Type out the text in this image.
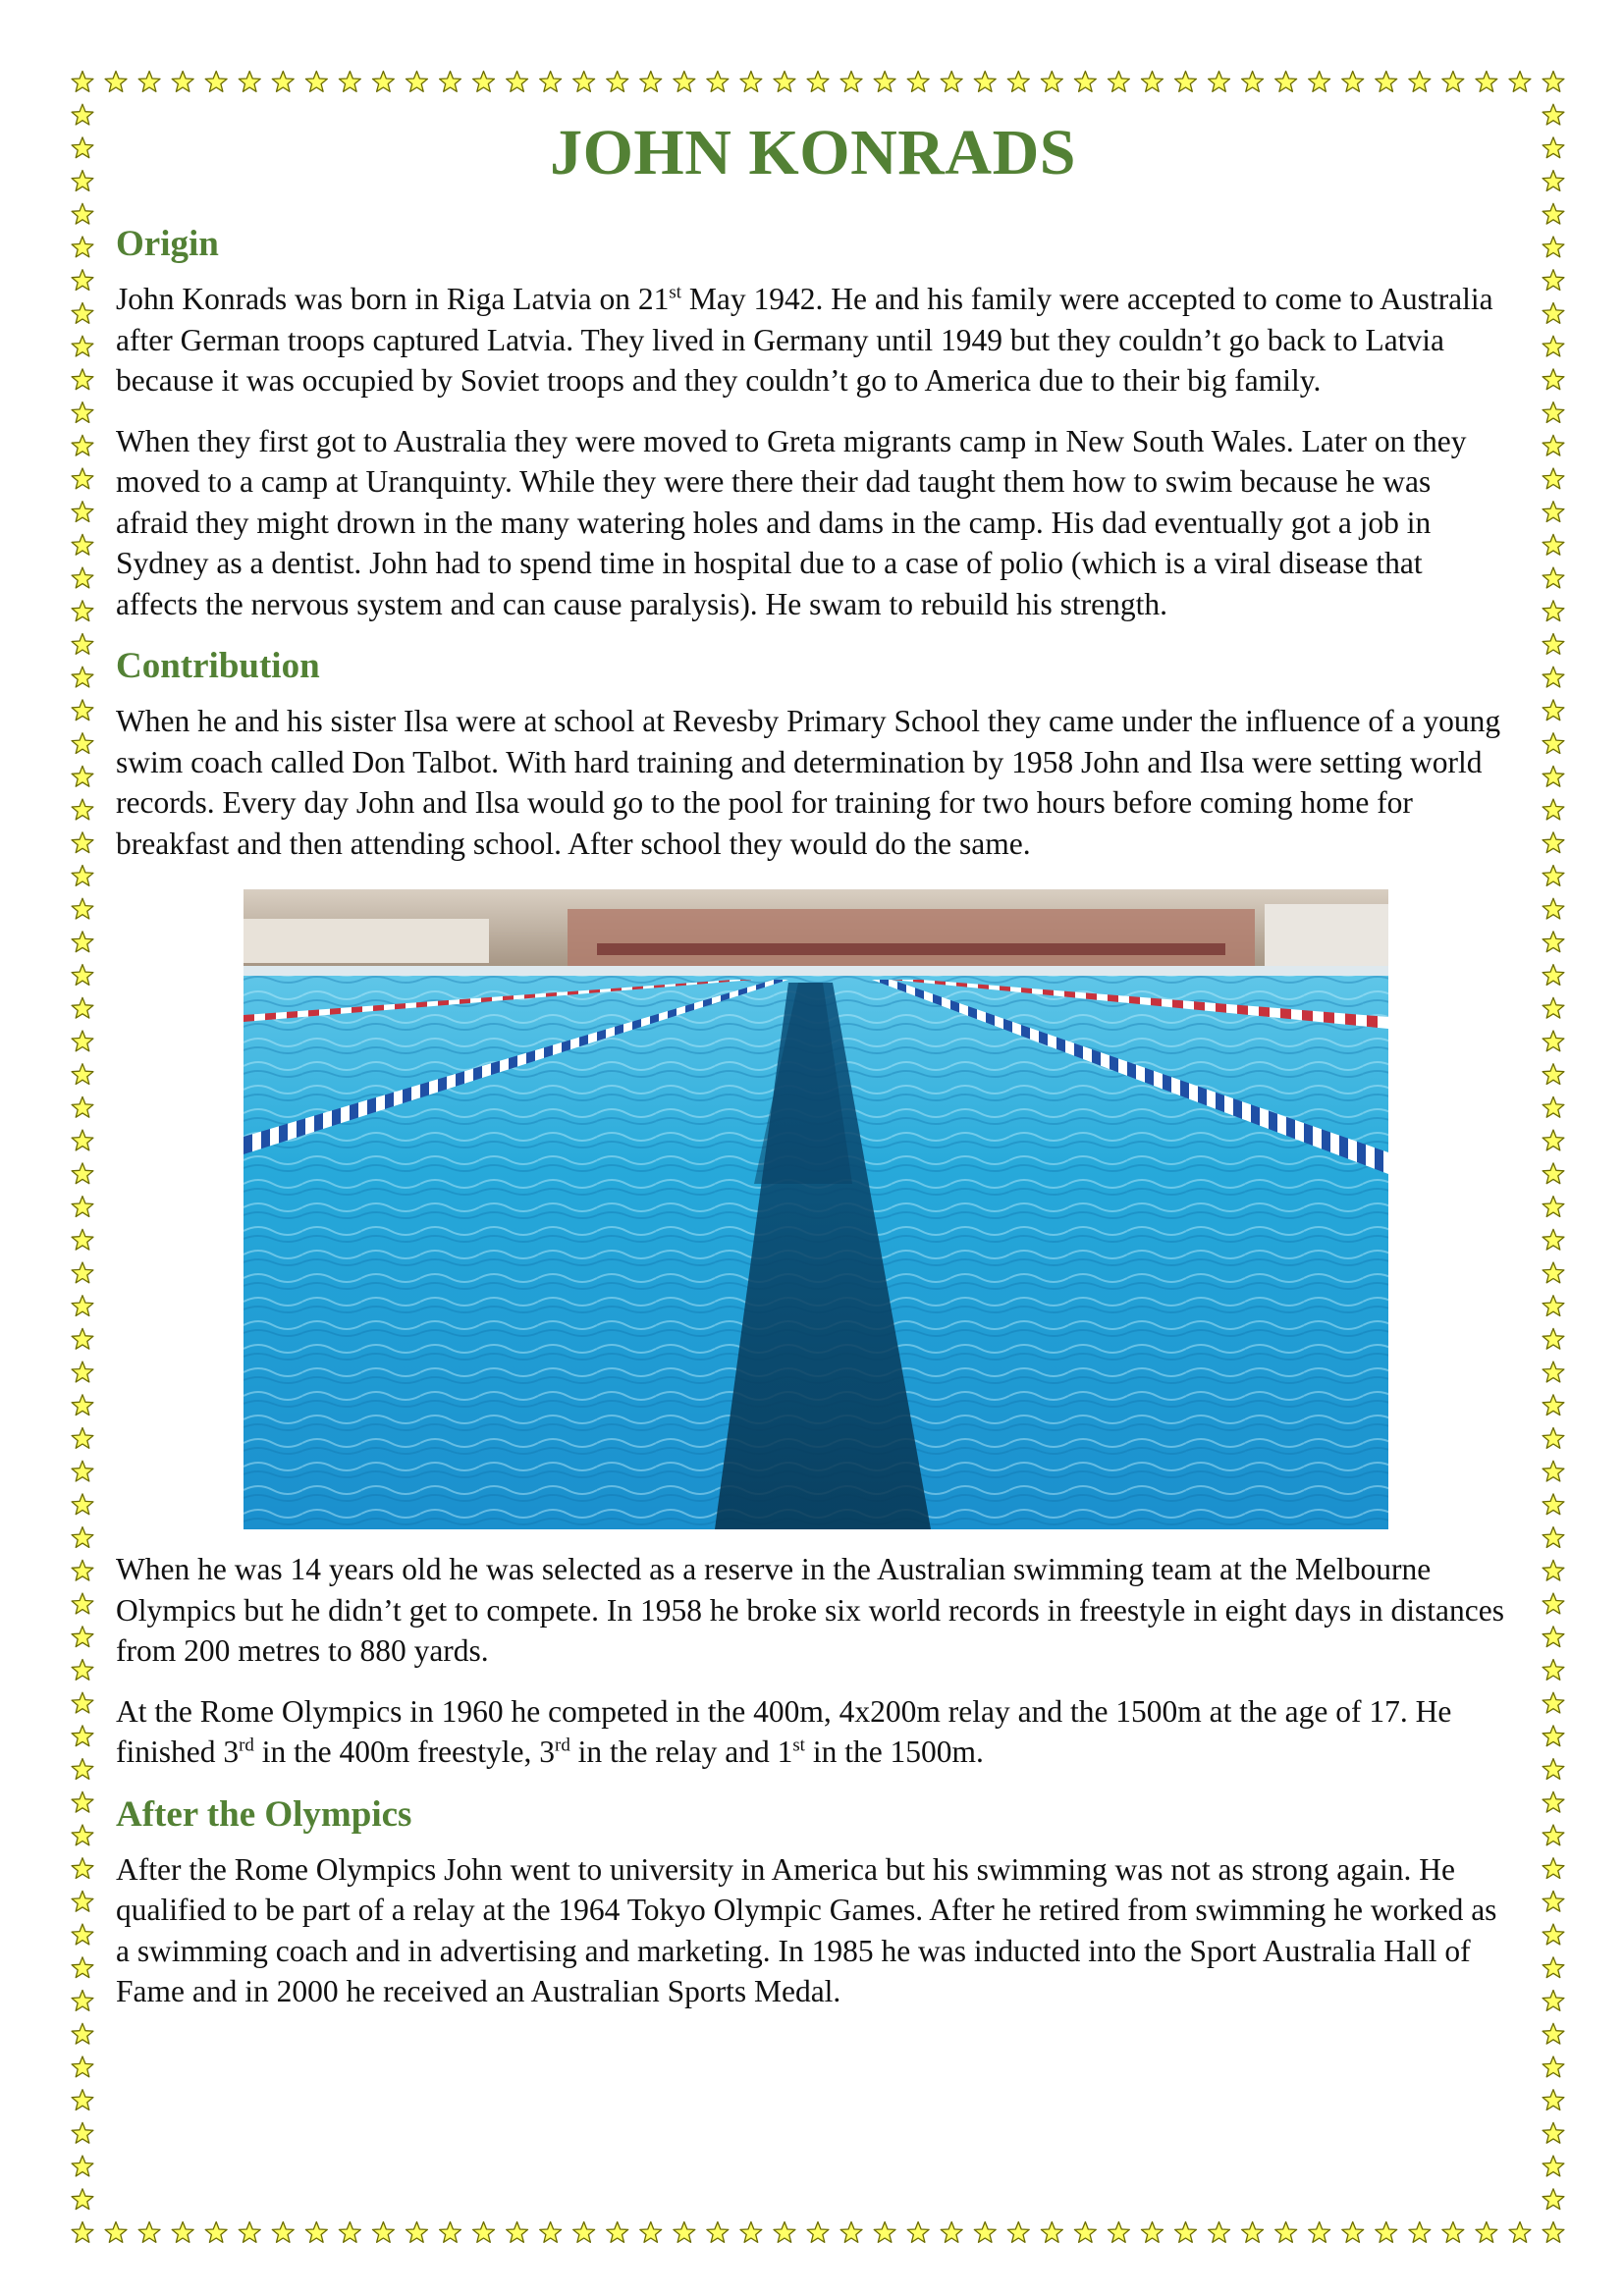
JOHN KONRADS
Origin

John Konrads was born in Riga Latvia on 21st May 1942. He and his family were accepted to come to Australia after German troops captured Latvia. They lived in Germany until 1949 but they couldn’t go back to Latvia because it was occupied by Soviet troops and they couldn’t go to America due to their big family.

When they first got to Australia they were moved to Greta migrants camp in New South Wales. Later on they moved to a camp at Uranquinty. While they were there their dad taught them how to swim because he was afraid they might drown in the many watering holes and dams in the camp. His dad eventually got a job in Sydney as a dentist. John had to spend time in hospital due to a case of polio (which is a viral disease that affects the nervous system and can cause paralysis). He swam to rebuild his strength.

Contribution

When he and his sister Ilsa were at school at Revesby Primary School they came under the influence of a young swim coach called Don Talbot. With hard training and determination by 1958 John and Ilsa were setting world records. Every day John and Ilsa would go to the pool for training for two hours before coming home for breakfast and then attending school. After school they would do the same.

When he was 14 years old he was selected as a reserve in the Australian swimming team at the Melbourne Olympics but he didn’t get to compete. In 1958 he broke six world records in freestyle in eight days in distances from 200 metres to 880 yards.

At the Rome Olympics in 1960 he competed in the 400m, 4x200m relay and the 1500m at the age of 17. He finished 3rd in the 400m freestyle, 3rd in the relay and 1st in the 1500m.

After the Olympics

After the Rome Olympics John went to university in America but his swimming was not as strong again. He qualified to be part of a relay at the 1964 Tokyo Olympic Games. After he retired from swimming he worked as a swimming coach and in advertising and marketing. In 1985 he was inducted into the Sport Australia Hall of Fame and in 2000 he received an Australian Sports Medal.
